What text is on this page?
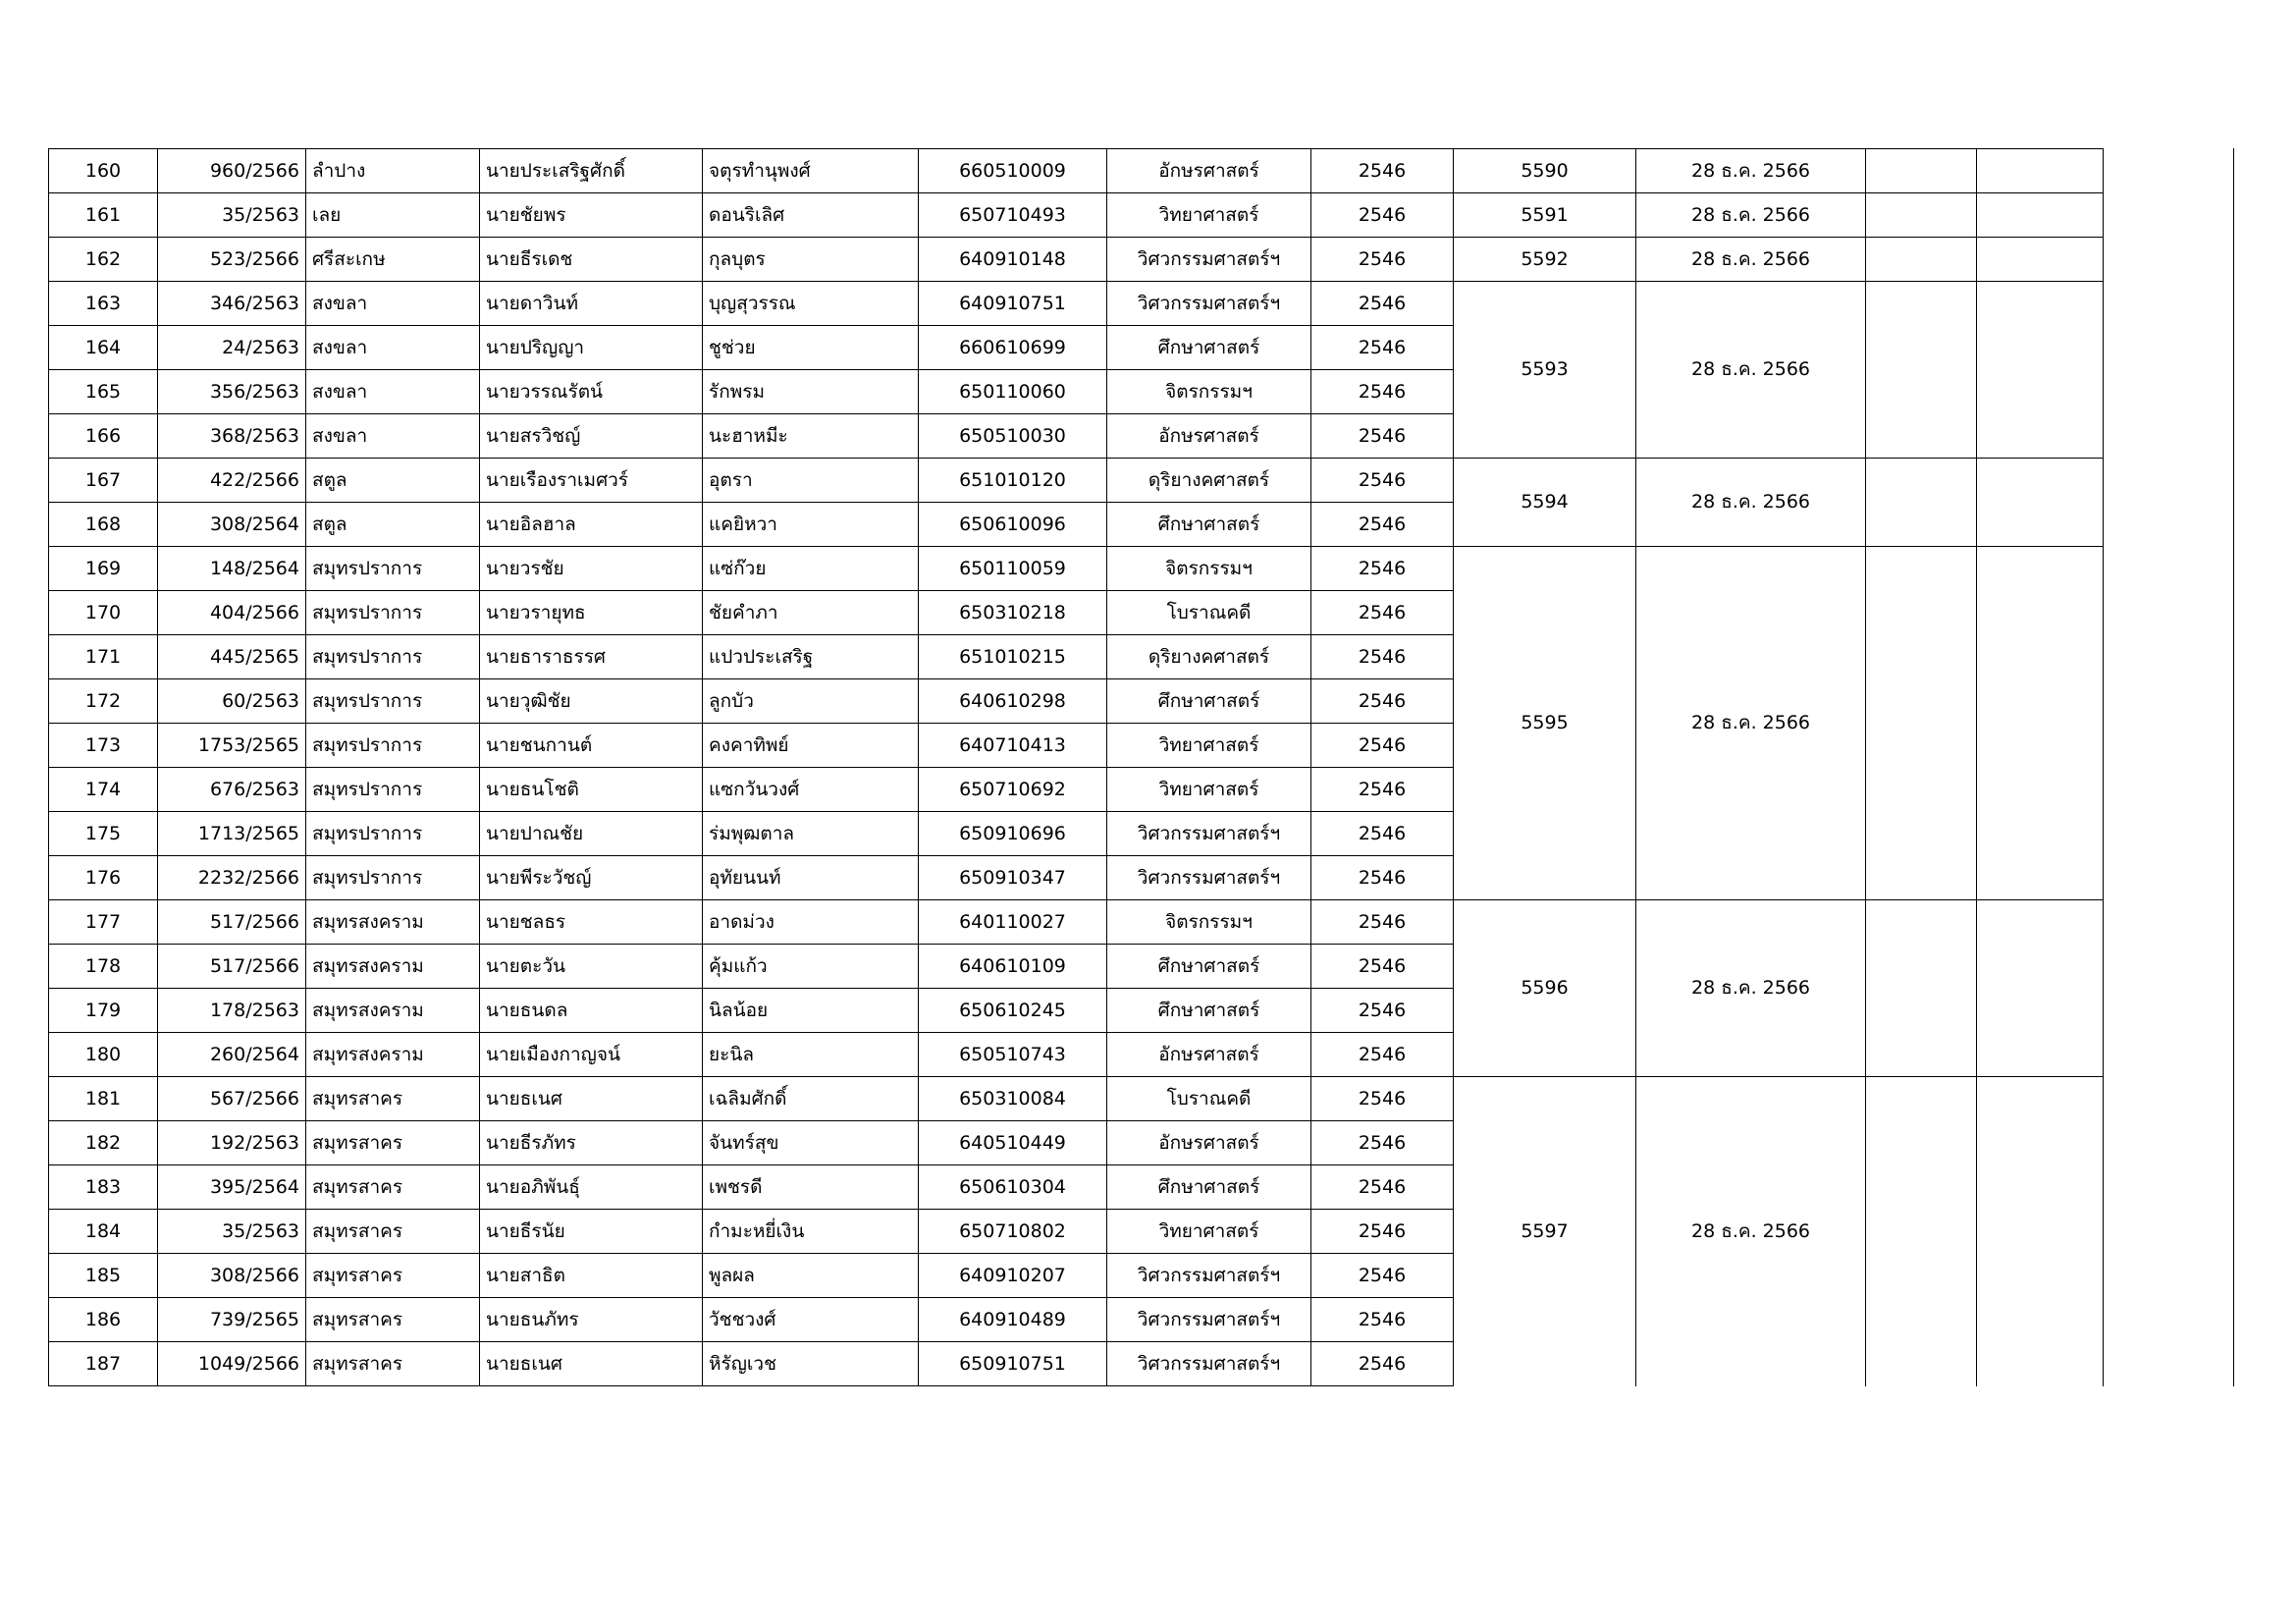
160	960/2566	ลำปาง	นายประเสริฐศักดิ์	จตุรทำนุพงศ์	660510009	อักษรศาสตร์	2546	5590	28 ธ.ค. 2566				
161	35/2563	เลย	นายชัยพร	ดอนริเลิศ	650710493	วิทยาศาสตร์	2546	5591	28 ธ.ค. 2566				
162	523/2566	ศรีสะเกษ	นายธีรเดช	กุลบุตร	640910148	วิศวกรรมศาสตร์ฯ	2546	5592	28 ธ.ค. 2566				
163	346/2563	สงขลา	นายดาวินท์	บุญสุวรรณ	640910751	วิศวกรรมศาสตร์ฯ	2546	5593	28 ธ.ค. 2566				
164	24/2563	สงขลา	นายปริญญา	ชูช่วย	660610699	ศึกษาศาสตร์	2546	
165	356/2563	สงขลา	นายวรรณรัตน์	รักพรม	650110060	จิตรกรรมฯ	2546	
166	368/2563	สงขลา	นายสรวิชญ์	นะฮาหมีะ	650510030	อักษรศาสตร์	2546	
167	422/2566	สตูล	นายเรืองราเมศวร์	อุตรา	651010120	ดุริยางคศาสตร์	2546	5594	28 ธ.ค. 2566				
168	308/2564	สตูล	นายอิลฮาล	แคยิหวา	650610096	ศึกษาศาสตร์	2546	
169	148/2564	สมุทรปราการ	นายวรชัย	แซ่ก๊วย	650110059	จิตรกรรมฯ	2546	5595	28 ธ.ค. 2566				
170	404/2566	สมุทรปราการ	นายวรายุทธ	ชัยคำภา	650310218	โบราณคดี	2546	
171	445/2565	สมุทรปราการ	นายธาราธรรศ	แปวประเสริฐ	651010215	ดุริยางคศาสตร์	2546	
172	60/2563	สมุทรปราการ	นายวุฒิชัย	ลูกบัว	640610298	ศึกษาศาสตร์	2546	
173	1753/2565	สมุทรปราการ	นายชนกานต์	คงคาทิพย์	640710413	วิทยาศาสตร์	2546	
174	676/2563	สมุทรปราการ	นายธนโชติ	แซกวันวงศ์	650710692	วิทยาศาสตร์	2546	
175	1713/2565	สมุทรปราการ	นายปาณชัย	ร่มพุฒตาล	650910696	วิศวกรรมศาสตร์ฯ	2546	
176	2232/2566	สมุทรปราการ	นายพีระวัชญ์	อุทัยนนท์	650910347	วิศวกรรมศาสตร์ฯ	2546	
177	517/2566	สมุทรสงคราม	นายชลธร	อาดม่วง	640110027	จิตรกรรมฯ	2546	5596	28 ธ.ค. 2566				
178	517/2566	สมุทรสงคราม	นายตะวัน	คุ้มแก้ว	640610109	ศึกษาศาสตร์	2546	
179	178/2563	สมุทรสงคราม	นายธนดล	นิลน้อย	650610245	ศึกษาศาสตร์	2546	
180	260/2564	สมุทรสงคราม	นายเมืองกาญจน์	ยะนิล	650510743	อักษรศาสตร์	2546	
181	567/2566	สมุทรสาคร	นายธเนศ	เฉลิมศักดิ์	650310084	โบราณคดี	2546	5597	28 ธ.ค. 2566				
182	192/2563	สมุทรสาคร	นายธีรภัทร	จันทร์สุข	640510449	อักษรศาสตร์	2546	
183	395/2564	สมุทรสาคร	นายอภิพันธุ์	เพชรดี	650610304	ศึกษาศาสตร์	2546	
184	35/2563	สมุทรสาคร	นายธีรนัย	กำมะหยี่เงิน	650710802	วิทยาศาสตร์	2546	
185	308/2566	สมุทรสาคร	นายสาธิต	พูลผล	640910207	วิศวกรรมศาสตร์ฯ	2546	
186	739/2565	สมุทรสาคร	นายธนภัทร	วัชชวงศ์	640910489	วิศวกรรมศาสตร์ฯ	2546	
187	1049/2566	สมุทรสาคร	นายธเนศ	หิรัญเวช	650910751	วิศวกรรมศาสตร์ฯ	2546	
